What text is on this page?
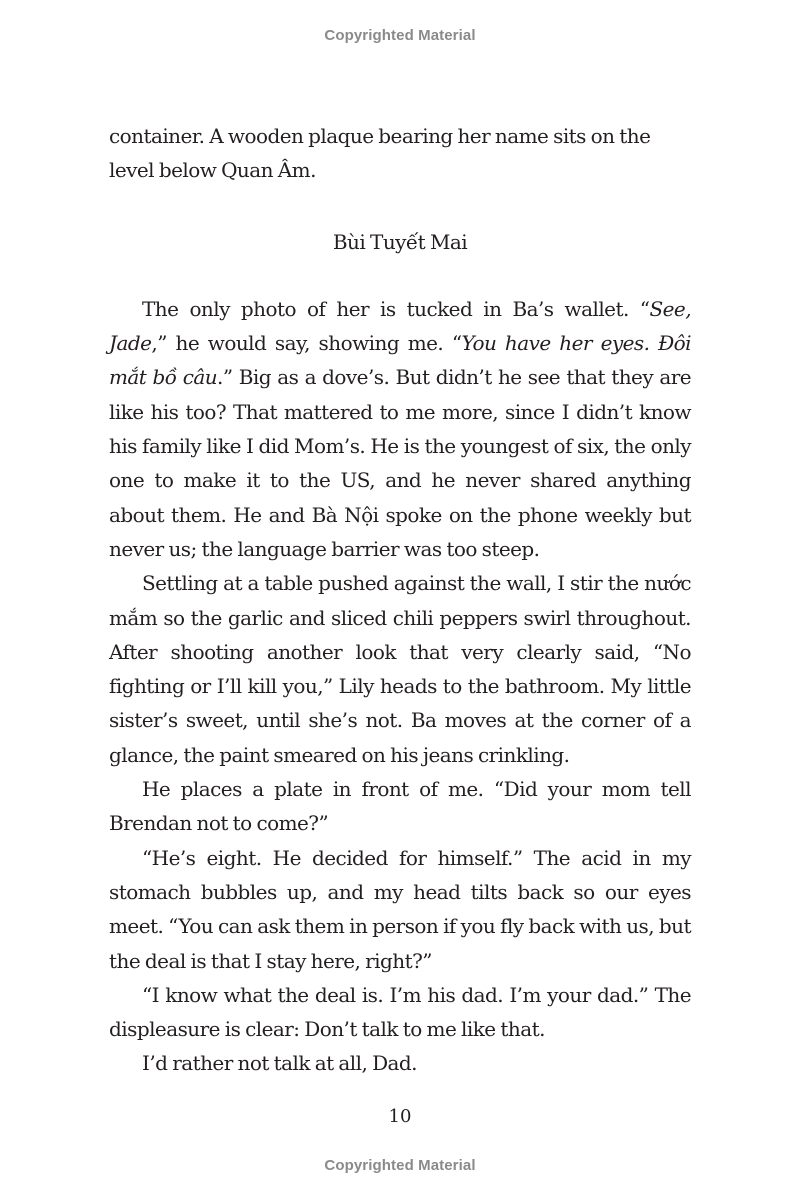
Copyrighted Material

container. A wooden plaque bearing her name sits on the level below Quan Âm.

Bùi Tuyết Mai

The only photo of her is tucked in Ba’s wallet. “See, Jade,” he would say, showing me. “You have her eyes. Đôi mắt bồ câu.” Big as a dove’s. But didn’t he see that they are like his too? That mattered to me more, since I didn’t know his family like I did Mom’s. He is the youngest of six, the only one to make it to the US, and he never shared anything about them. He and Bà Nội spoke on the phone weekly but never us; the language barrier was too steep.

Settling at a table pushed against the wall, I stir the nước mắm so the garlic and sliced chili peppers swirl throughout. After shooting another look that very clearly said, “No fighting or I’ll kill you,” Lily heads to the bathroom. My little sister’s sweet, until she’s not. Ba moves at the corner of a glance, the paint smeared on his jeans crinkling.

He places a plate in front of me. “Did your mom tell Brendan not to come?”

“He’s eight. He decided for himself.” The acid in my stomach bubbles up, and my head tilts back so our eyes meet. “You can ask them in person if you fly back with us, but the deal is that I stay here, right?”

“I know what the deal is. I’m his dad. I’m your dad.” The displeasure is clear: Don’t talk to me like that.

I’d rather not talk at all, Dad.

10
Copyrighted Material
